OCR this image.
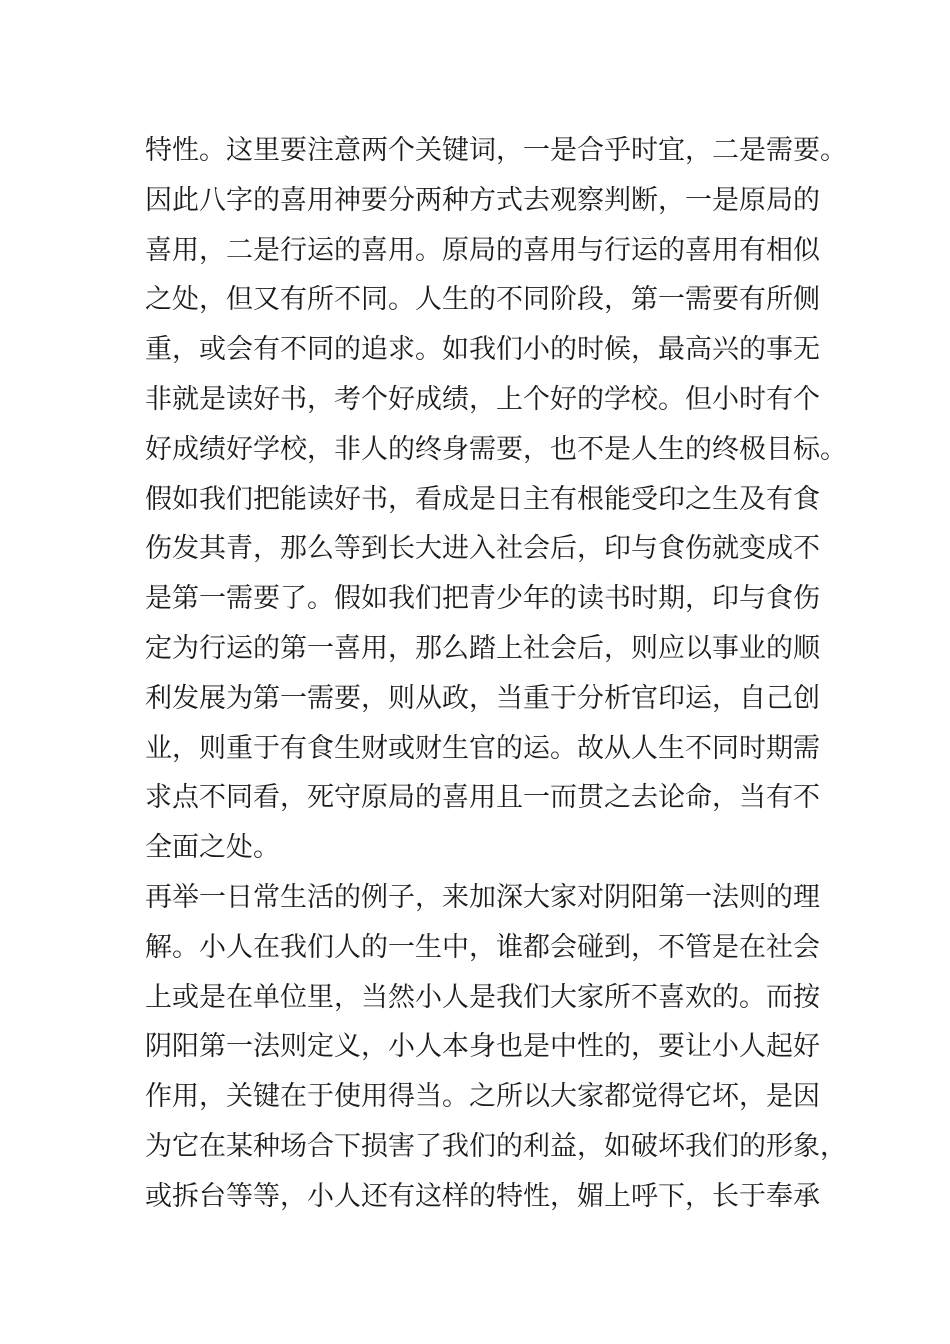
特性。这里要注意两个关键词，一是合乎时宜，二是需要。
因此八字的喜用神要分两种方式去观察判断，一是原局的
喜用，二是行运的喜用。原局的喜用与行运的喜用有相似
之处，但又有所不同。人生的不同阶段，第一需要有所侧
重，或会有不同的追求。如我们小的时候，最高兴的事无
非就是读好书，考个好成绩，上个好的学校。但小时有个
好成绩好学校，非人的终身需要，也不是人生的终极目标。
假如我们把能读好书，看成是日主有根能受印之生及有食
伤发其青，那么等到长大进入社会后，印与食伤就变成不
是第一需要了。假如我们把青少年的读书时期，印与食伤
定为行运的第一喜用，那么踏上社会后，则应以事业的顺
利发展为第一需要，则从政，当重于分析官印运，自己创
业，则重于有食生财或财生官的运。故从人生不同时期需
求点不同看，死守原局的喜用且一而贯之去论命，当有不
全面之处。
再举一日常生活的例子，来加深大家对阴阳第一法则的理
解。小人在我们人的一生中，谁都会碰到，不管是在社会
上或是在单位里，当然小人是我们大家所不喜欢的。而按
阴阳第一法则定义，小人本身也是中性的，要让小人起好
作用，关键在于使用得当。之所以大家都觉得它坏，是因
为它在某种场合下损害了我们的利益，如破坏我们的形象，
或拆台等等，小人还有这样的特性，媚上呼下，长于奉承
